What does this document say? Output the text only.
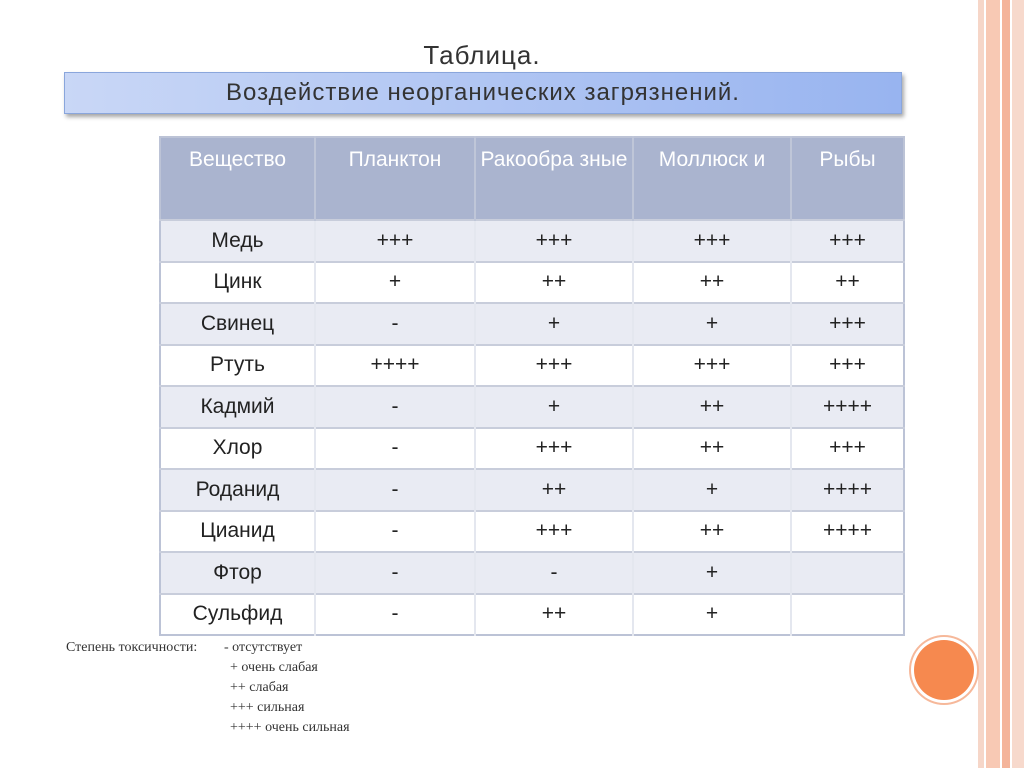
Таблица.
Воздействие неорганических загрязнений.
Вещество	Планктон	Ракообра зные	Моллюск и	Рыбы
Медь	+++	+++	+++	+++
Цинк	+	++	++	++
Свинец	-	+	+	+++
Ртуть	++++	+++	+++	+++
Кадмий	-	+	++	++++
Хлор	-	+++	++	+++
Роданид	-	++	+	++++
Цианид	-	+++	++	++++
Фтор	-	-	+	
Сульфид	-	++	+	
Степень токсичности: - отсутствует
+ очень слабая
++ слабая
+++ сильная
++++ очень сильная
